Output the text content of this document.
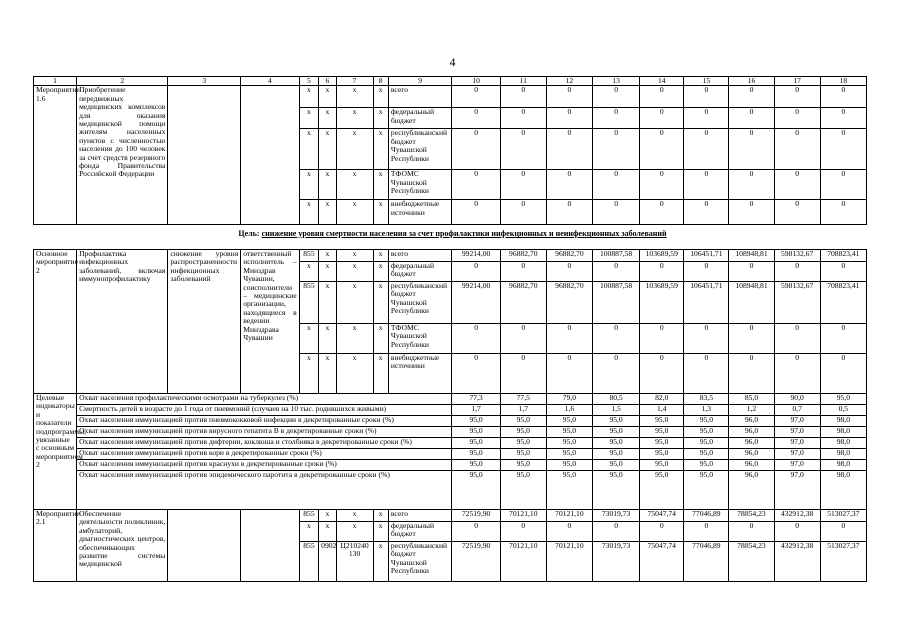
4
1	2	3	4	5	6	7	8	9	10	11	12	13	14	15	16	17	18
Мероприятие 1.6	Приобретение передвижных медицинских комплексов для оказания медицинской помощи жителям населенных пунктов с численностью населения до 100 человек за счет средств резервного фонда Правительства Российской Федерации			x	x	x	x	всего	0	0	0	0	0	0	0	0	0
				x	x	x	x	федеральный бюджет	0	0	0	0	0	0	0	0	0
				x	x	x	x	республиканский бюджет Чувашской Республики	0	0	0	0	0	0	0	0	0
				x	x	x	x	ТФОМС Чувашской Республики	0	0	0	0	0	0	0	0	0
				x	x	x	x	внебюджетные источники	0	0	0	0	0	0	0	0	0
Цель: снижение уровня смертности населения за счет профилактики инфекционных и неинфекционных заболеваний
Основное мероприятие 2	Профилактика инфекционных заболеваний, включая иммунопрофилактику	снижение уровня распространенности инфекционных заболеваний	ответственный исполнитель – Минздрав Чувашии, соисполнители – медицинские организации, находящиеся в ведении Минздрава Чувашии	855	x	x	x	всего	99214,00	96882,70	96882,70	100887,58	103689,59	106451,71	108948,81	598132,67	708823,41
				x	x	x	x	федеральный бюджет	0	0	0	0	0	0	0	0	0
				855	x	x	x	республиканский бюджет Чувашской Республики	99214,00	96882,70	96882,70	100887,58	103689,59	106451,71	108948,81	598132,67	708823,41
				x	x	x	x	ТФОМС Чувашской Республики	0	0	0	0	0	0	0	0	0
				x	x	x	x	внебюджетные источники	0	0	0	0	0	0	0	0	0
Целевые индикаторы и показатели подпрограммы, увязанные с основным мероприятием 2	Охват населения профилактическими осмотрами на туберкулез (%)								77,3	77,5	79,0	80,5	82,0	83,5	85,0	90,0	95,0
	Смертность детей в возрасте до 1 года от пневмоний (случаев на 10 тыс. родившихся живыми)								1,7	1,7	1,6	1,5	1,4	1,3	1,2	0,7	0,5
	Охват населения иммунизацией против пневмококковой инфекции в декретированные сроки (%)								95,0	95,0	95,0	95,0	95,0	95,0	96,0	97,0	98,0
	Охват населения иммунизацией против вирусного гепатита В в декретированные сроки (%)								95,0	95,0	95,0	95,0	95,0	95,0	96,0	97,0	98,0
	Охват населения иммунизацией против дифтерии, коклюша и столбняка в декретированные сроки (%)								95,0	95,0	95,0	95,0	95,0	95,0	96,0	97,0	98,0
	Охват населения иммунизацией против кори в декретированные сроки (%)								95,0	95,0	95,0	95,0	95,0	95,0	96,0	97,0	98,0
	Охват населения иммунизацией против краснухи в декретированные сроки (%)								95,0	95,0	95,0	95,0	95,0	95,0	96,0	97,0	98,0
	Охват населения иммунизацией против эпидемического паротита в декретированные сроки (%)								95,0	95,0	95,0	95,0	95,0	95,0	96,0	97,0	98,0
Мероприятие 2.1	Обеспечение деятельности поликлиник, амбулаторий, диагностических центров, обеспечивающих развитие системы медицинской			855	x	x	x	всего	72519,90	70121,10	70121,10	73019,73	75047,74	77046,89	78854,23	432912,38	513027,37
				x	x	x	x	федеральный бюджет	0	0	0	0	0	0	0	0	0
				855	0902	Ц210240130	x	республиканский бюджет Чувашской Республики	72519,90	70121,10	70121,10	73019,73	75047,74	77046,89	78854,23	432912,38	513027,37
